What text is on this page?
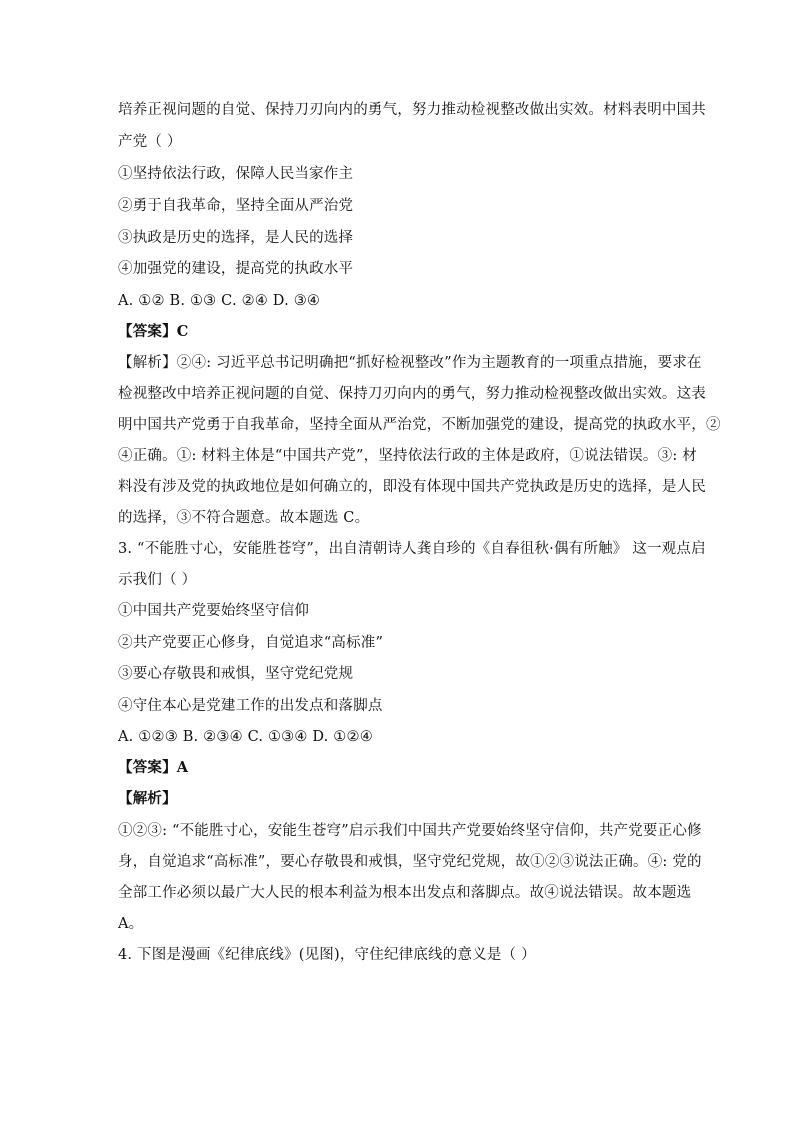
培养正视问题的自觉、保持刀刃向内的勇气，努力推动检视整改做出实效。材料表明中国共
产党（ ）
①坚持依法行政，保障人民当家作主
②勇于自我革命，坚持全面从严治党
③执政是历史的选择，是人民的选择
④加强党的建设，提高党的执政水平
A. ①② B. ①③ C. ②④ D. ③④
【答案】C
【解析】②④: 习近平总书记明确把“抓好检视整改”作为主题教育的一项重点措施，要求在
检视整改中培养正视问题的自觉、保持刀刃向内的勇气，努力推动检视整改做出实效。这表
明中国共产党勇于自我革命，坚持全面从严治党，不断加强党的建设，提高党的执政水平，②
④正确。①: 材料主体是“中国共产党”，坚持依法行政的主体是政府，①说法错误。③: 材
料没有涉及党的执政地位是如何确立的，即没有体现中国共产党执政是历史的选择，是人民
的选择，③不符合题意。故本题选 C。
3. “不能胜寸心，安能胜苍穹”，出自清朝诗人龚自珍的《自春徂秋·偶有所触》 这一观点启
示我们（ ）
①中国共产党要始终坚守信仰
②共产党要正心修身，自觉追求“高标准”
③要心存敬畏和戒惧，坚守党纪党规
④守住本心是党建工作的出发点和落脚点
A. ①②③ B. ②③④ C. ①③④ D. ①②④
【答案】A
【解析】
①②③: “不能胜寸心，安能生苍穹”启示我们中国共产党要始终坚守信仰，共产党要正心修
身，自觉追求“高标准”，要心存敬畏和戒惧，坚守党纪党规，故①②③说法正确。④: 党的
全部工作必须以最广大人民的根本利益为根本出发点和落脚点。故④说法错误。故本题选
A。
4. 下图是漫画《纪律底线》(见图)，守住纪律底线的意义是（ ）
